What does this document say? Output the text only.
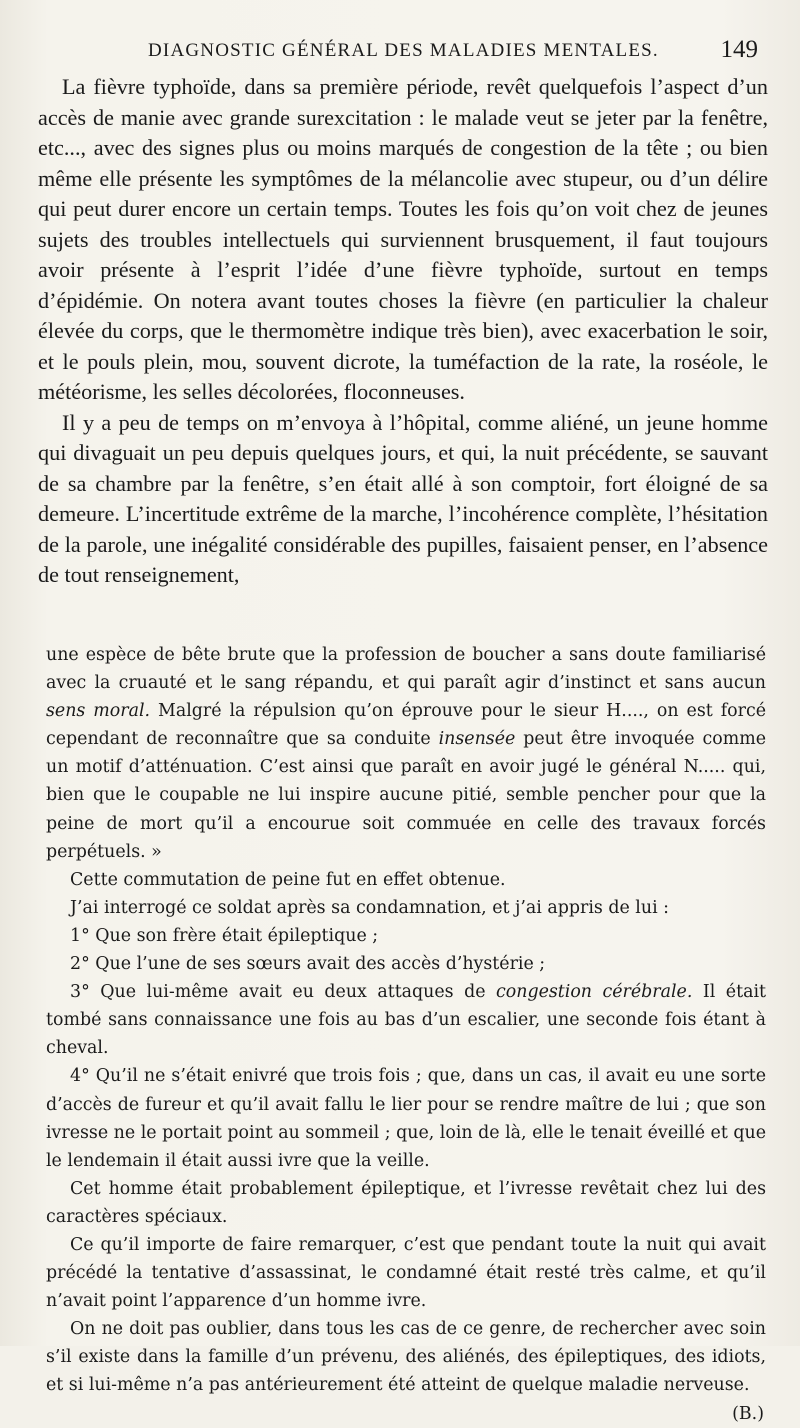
DIAGNOSTIC GÉNÉRAL DES MALADIES MENTALES. 149

La fièvre typhoïde, dans sa première période, revêt quelquefois l’aspect d’un accès de manie avec grande surexcitation : le malade veut se jeter par la fenêtre, etc..., avec des signes plus ou moins marqués de congestion de la tête ; ou bien même elle présente les symptômes de la mélancolie avec stupeur, ou d’un délire qui peut durer encore un certain temps. Toutes les fois qu’on voit chez de jeunes sujets des troubles intellectuels qui surviennent brusquement, il faut toujours avoir présente à l’esprit l’idée d’une fièvre typhoïde, surtout en temps d’épidémie. On notera avant toutes choses la fièvre (en particulier la chaleur élevée du corps, que le thermomètre indique très bien), avec exacerbation le soir, et le pouls plein, mou, souvent dicrote, la tuméfaction de la rate, la roséole, le météorisme, les selles décolorées, floconneuses.

Il y a peu de temps on m’envoya à l’hôpital, comme aliéné, un jeune homme qui divaguait un peu depuis quelques jours, et qui, la nuit précédente, se sauvant de sa chambre par la fenêtre, s’en était allé à son comptoir, fort éloigné de sa demeure. L’incertitude extrême de la marche, l’incohérence complète, l’hésitation de la parole, une inégalité considérable des pupilles, faisaient penser, en l’absence de tout renseignement,

une espèce de bête brute que la profession de boucher a sans doute familiarisé avec la cruauté et le sang répandu, et qui paraît agir d’instinct et sans aucun sens moral. Malgré la répulsion qu’on éprouve pour le sieur H...., on est forcé cependant de reconnaître que sa conduite insensée peut être invoquée comme un motif d’atténuation. C’est ainsi que paraît en avoir jugé le général N..... qui, bien que le coupable ne lui inspire aucune pitié, semble pencher pour que la peine de mort qu’il a encourue soit commuée en celle des travaux forcés perpétuels. »

Cette commutation de peine fut en effet obtenue.

J’ai interrogé ce soldat après sa condamnation, et j’ai appris de lui :

1° Que son frère était épileptique ;

2° Que l’une de ses sœurs avait des accès d’hystérie ;

3° Que lui-même avait eu deux attaques de congestion cérébrale. Il était tombé sans connaissance une fois au bas d’un escalier, une seconde fois étant à cheval.

4° Qu’il ne s’était enivré que trois fois ; que, dans un cas, il avait eu une sorte d’accès de fureur et qu’il avait fallu le lier pour se rendre maître de lui ; que son ivresse ne le portait point au sommeil ; que, loin de là, elle le tenait éveillé et que le lendemain il était aussi ivre que la veille.

Cet homme était probablement épileptique, et l’ivresse revêtait chez lui des caractères spéciaux.

Ce qu’il importe de faire remarquer, c’est que pendant toute la nuit qui avait précédé la tentative d’assassinat, le condamné était resté très calme, et qu’il n’avait point l’apparence d’un homme ivre.

On ne doit pas oublier, dans tous les cas de ce genre, de rechercher avec soin s’il existe dans la famille d’un prévenu, des aliénés, des épileptiques, des idiots, et si lui-même n’a pas antérieurement été atteint de quelque maladie nerveuse.
(B.)
